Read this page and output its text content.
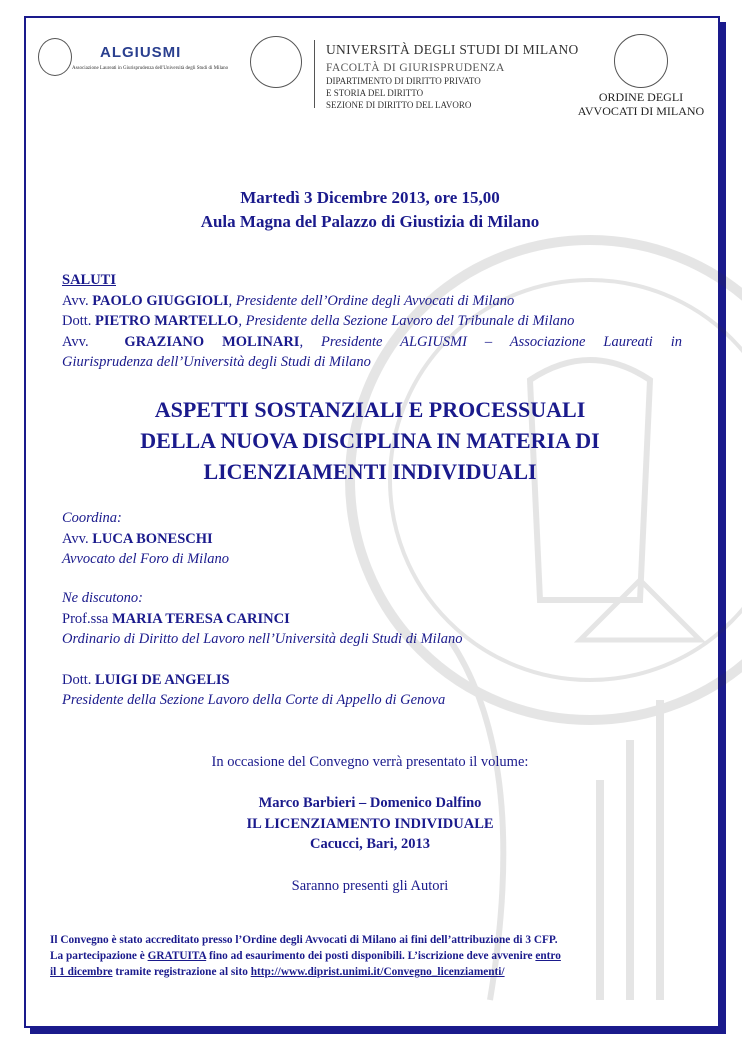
ALGIUSMI
Associazione Laureati in Giurisprudenza dell'Università degli Studi di Milano
UNIVERSITÀ DEGLI STUDI DI MILANO
FACOLTÀ DI GIURISPRUDENZA
DIPARTIMENTO DI DIRITTO PRIVATO
E STORIA DEL DIRITTO
SEZIONE DI DIRITTO DEL LAVORO
ORDINE DEGLI
AVVOCATI DI MILANO
Martedì 3 Dicembre 2013, ore 15,00
Aula Magna del Palazzo di Giustizia di Milano
SALUTI
Avv. PAOLO GIUGGIOLI, Presidente dell’Ordine degli Avvocati di Milano
Dott. PIETRO MARTELLO, Presidente della Sezione Lavoro del Tribunale di Milano
Avv.  GRAZIANO MOLINARI, Presidente ALGIUSMI – Associazione Laureati in
Giurisprudenza dell’Università degli Studi di Milano
ASPETTI SOSTANZIALI E PROCESSUALI
DELLA NUOVA DISCIPLINA IN MATERIA DI
LICENZIAMENTI INDIVIDUALI
Coordina:
Avv. LUCA BONESCHI
Avvocato del Foro di Milano
Ne discutono:
Prof.ssa MARIA TERESA CARINCI
Ordinario di Diritto del Lavoro nell’Università degli Studi di Milano
Dott. LUIGI DE ANGELIS
Presidente della Sezione Lavoro della Corte di Appello di Genova
In occasione del Convegno verrà presentato il volume:
Marco Barbieri – Domenico Dalfino
IL LICENZIAMENTO INDIVIDUALE
Cacucci, Bari, 2013
Saranno presenti gli Autori
Il Convegno è stato accreditato presso l’Ordine degli Avvocati di Milano ai fini dell’attribuzione di 3 CFP.
La partecipazione è GRATUITA fino ad esaurimento dei posti disponibili. L’iscrizione deve avvenire entro
il 1 dicembre tramite registrazione al sito http://www.diprist.unimi.it/Convegno_licenziamenti/
